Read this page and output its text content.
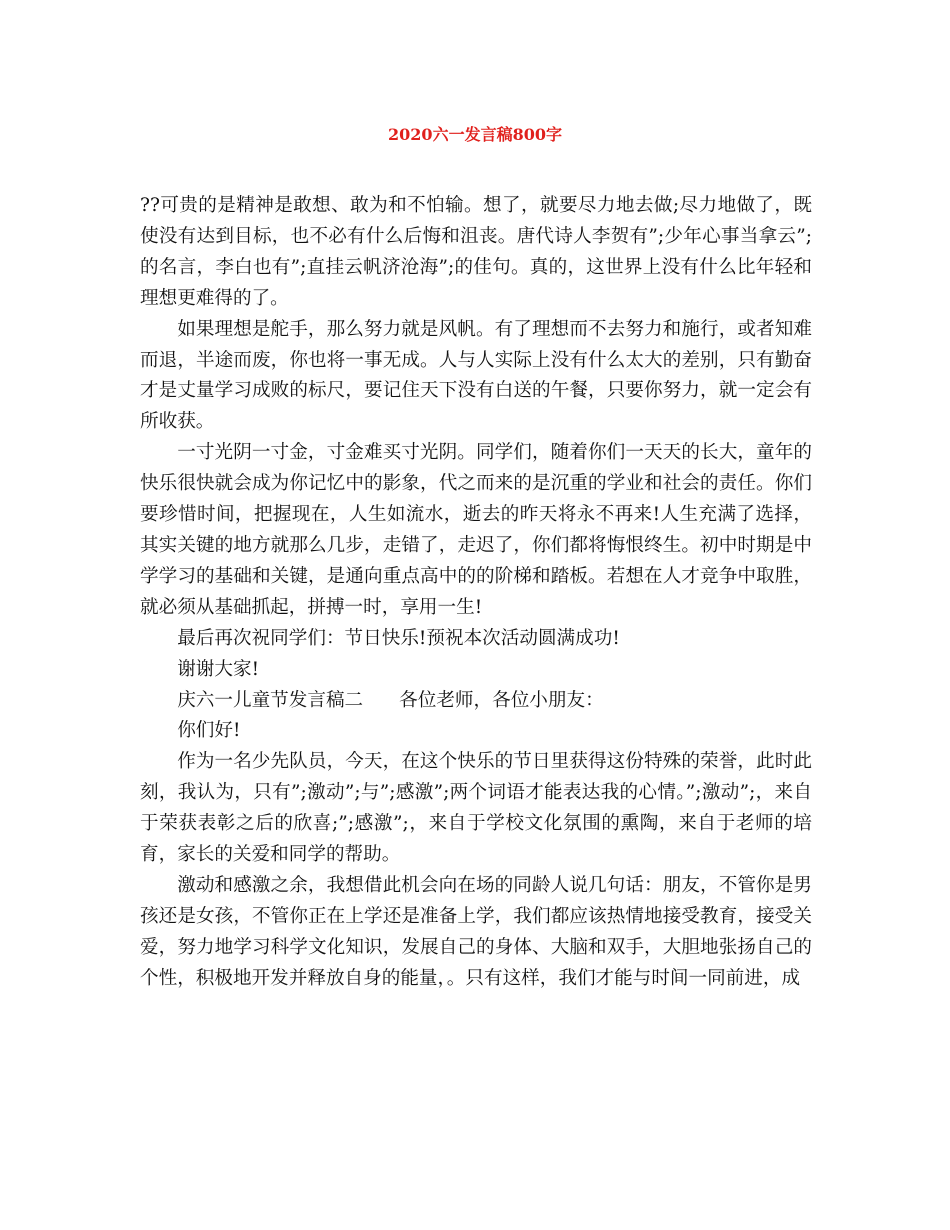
2020六一发言稿800字

??可贵的是精神是敢想、敢为和不怕输。想了，就要尽力地去做;尽力地做了，既使没有达到目标，也不必有什么后悔和沮丧。唐代诗人李贺有”;少年心事当拿云”;的名言，李白也有”;直挂云帆济沧海”;的佳句。真的，这世界上没有什么比年轻和理想更难得的了。

如果理想是舵手，那么努力就是风帆。有了理想而不去努力和施行，或者知难而退，半途而废，你也将一事无成。人与人实际上没有什么太大的差别，只有勤奋才是丈量学习成败的标尺，要记住天下没有白送的午餐，只要你努力，就一定会有所收获。

一寸光阴一寸金，寸金难买寸光阴。同学们，随着你们一天天的长大，童年的快乐很快就会成为你记忆中的影象，代之而来的是沉重的学业和社会的责任。你们要珍惜时间，把握现在，人生如流水，逝去的昨天将永不再来!人生充满了选择，其实关键的地方就那么几步，走错了，走迟了，你们都将悔恨终生。初中时期是中学学习的基础和关键，是通向重点高中的的阶梯和踏板。若想在人才竞争中取胜，就必须从基础抓起，拼搏一时，享用一生!

最后再次祝同学们：节日快乐!预祝本次活动圆满成功!

谢谢大家!

庆六一儿童节发言稿二 各位老师，各位小朋友：

你们好!

作为一名少先队员，今天，在这个快乐的节日里获得这份特殊的荣誉，此时此刻，我认为，只有”;激动”;与”;感激”;两个词语才能表达我的心情。”;激动”;，来自于荣获表彰之后的欣喜;”;感激”;，来自于学校文化氛围的熏陶，来自于老师的培育，家长的关爱和同学的帮助。

激动和感激之余，我想借此机会向在场的同龄人说几句话：朋友，不管你是男孩还是女孩，不管你正在上学还是准备上学，我们都应该热情地接受教育，接受关爱，努力地学习科学文化知识，发展自己的身体、大脑和双手，大胆地张扬自己的个性，积极地开发并释放自身的能量，。只有这样，我们才能与时间一同前进，成
